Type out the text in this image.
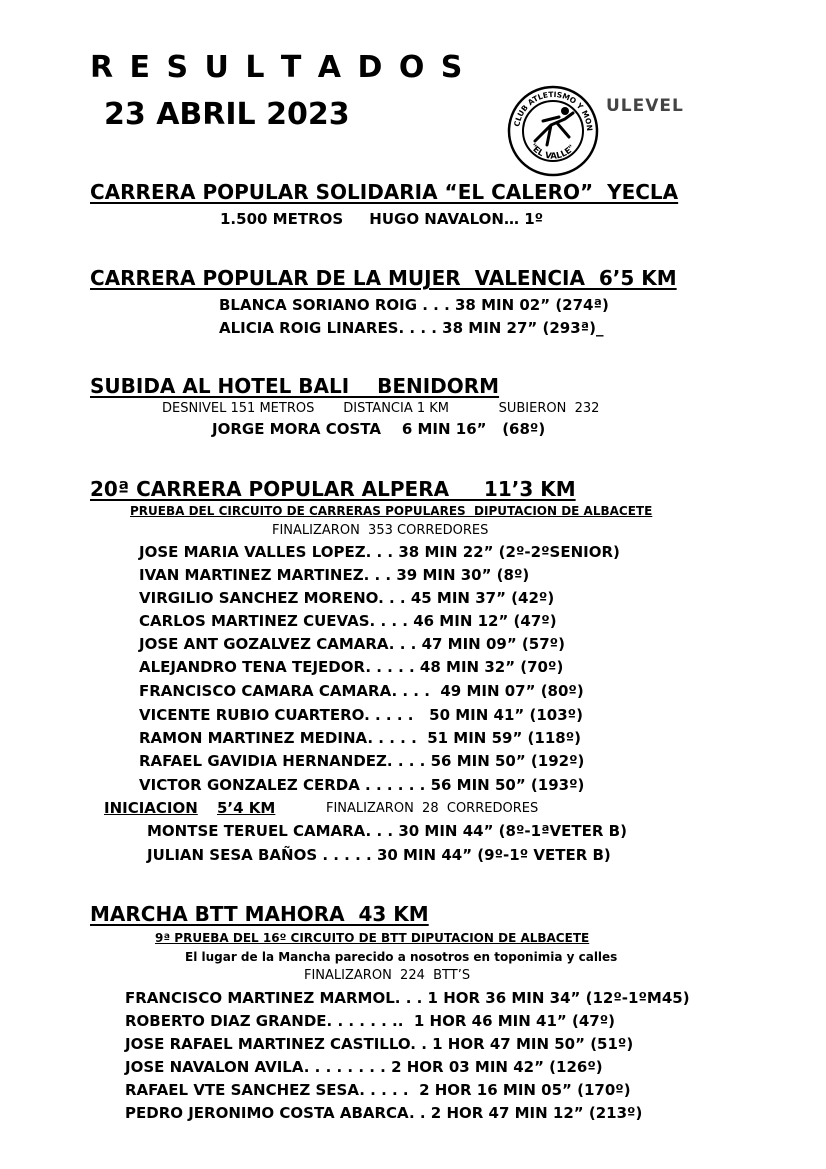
R E S U L T A D O S
23 ABRIL 2023

	CLUB ATLETISMO Y MON
"EL VALLE"

ULEVEL
CARRERA POPULAR SOLIDARIA “EL CALERO”  YECLA
1.500 METROS     HUGO NAVALON… 1º
CARRERA POPULAR DE LA MUJER  VALENCIA  6’5 KM
BLANCA SORIANO ROIG . . . 38 MIN 02” (274ª)
ALICIA ROIG LINARES. . . . 38 MIN 27” (293ª)_
SUBIDA AL HOTEL BALI    BENIDORM
DESNIVEL 151 METROS       DISTANCIA 1 KM            SUBIERON  232
JORGE MORA COSTA    6 MIN 16”   (68º)
20ª CARRERA POPULAR ALPERA     11’3 KM
PRUEBA DEL CIRCUITO DE CARRERAS POPULARES  DIPUTACION DE ALBACETE
FINALIZARON  353 CORREDORES
JOSE MARIA VALLES LOPEZ. . . 38 MIN 22” (2º-2ºSENIOR)
IVAN MARTINEZ MARTINEZ. . . 39 MIN 30” (8º)
VIRGILIO SANCHEZ MORENO. . . 45 MIN 37” (42º)
CARLOS MARTINEZ CUEVAS. . . . 46 MIN 12” (47º)
JOSE ANT GOZALVEZ CAMARA. . . 47 MIN 09” (57º)
ALEJANDRO TENA TEJEDOR. . . . . 48 MIN 32” (70º)
FRANCISCO CAMARA CAMARA. . . .  49 MIN 07” (80º)
VICENTE RUBIO CUARTERO. . . . .   50 MIN 41” (103º)
RAMON MARTINEZ MEDINA. . . . .  51 MIN 59” (118º)
RAFAEL GAVIDIA HERNANDEZ. . . . 56 MIN 50” (192º)
VICTOR GONZALEZ CERDA . . . . . . 56 MIN 50” (193º)
INICIACION 5’4 KM	FINALIZARON  28  CORREDORES
MONTSE TERUEL CAMARA. . . 30 MIN 44” (8º-1ªVETER B)
JULIAN SESA BAÑOS . . . . . 30 MIN 44” (9º-1º VETER B)
MARCHA BTT MAHORA  43 KM
9ª PRUEBA DEL 16º CIRCUITO DE BTT DIPUTACION DE ALBACETE
El lugar de la Mancha parecido a nosotros en toponimia y calles
FINALIZARON  224  BTT’S
FRANCISCO MARTINEZ MARMOL. . . 1 HOR 36 MIN 34” (12º-1ºM45)
ROBERTO DIAZ GRANDE. . . . . . ..  1 HOR 46 MIN 41” (47º)
JOSE RAFAEL MARTINEZ CASTILLO. . 1 HOR 47 MIN 50” (51º)
JOSE NAVALON AVILA. . . . . . . . 2 HOR 03 MIN 42” (126º)
RAFAEL VTE SANCHEZ SESA. . . . .  2 HOR 16 MIN 05” (170º)
PEDRO JERONIMO COSTA ABARCA. . 2 HOR 47 MIN 12” (213º)
